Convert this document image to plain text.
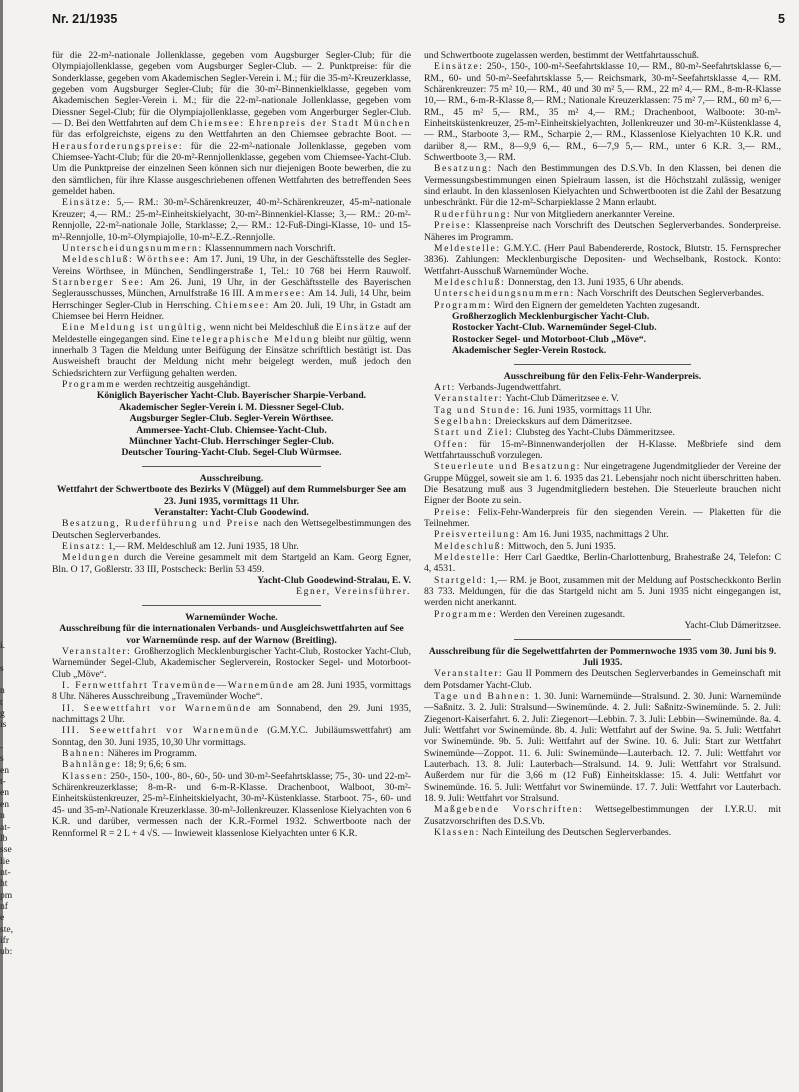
i.

s

n
t
g
is

-
s
en
t-
en
en
n
at-
lb
sse
lie
nt-
ht
pm
nf
e
ste,
ifr
ub:
Nr. 21/1935	5

für die 22-m²-nationale Jollenklasse, gegeben vom Augsburger Segler-Club; für die Olympiajollenklasse, gegeben vom Augsburger Segler-Club. — 2. Punktpreise: für die Sonderklasse, gegeben vom Akademischen Segler-Verein i. M.; für die 35-m²-Kreuzerklasse, gegeben vom Augsburger Segler-Club; für die 30-m²-Binnenkielklasse, gegeben vom Akademischen Segler-Verein i. M.; für die 22-m²-nationale Jollenklasse, gegeben vom Diessner Segel-Club; für die Olympiajollenklasse, gegeben vom Angerburger Segler-Club. — D. Bei den Wettfahrten auf dem Chiemsee: Ehrenpreis der Stadt München für das erfolgreichste, eigens zu den Wettfahrten an den Chiemsee gebrachte Boot. — Herausforderungspreise: für die 22-m²-nationale Jollenklasse, gegeben vom Chiemsee-Yacht-Club; für die 20-m²-Rennjollenklasse, gegeben vom Chiemsee-Yacht-Club. Um die Punktpreise der einzelnen Seen können sich nur diejenigen Boote bewerben, die zu den sämtlichen, für ihre Klasse ausgeschriebenen offenen Wettfahrten des betreffenden Sees gemeldet haben.

Einsätze: 5,— RM.: 30-m²-Schärenkreuzer, 40-m²-Schärenkreuzer, 45-m²-nationale Kreuzer; 4,— RM.: 25-m²-Einheitskielyacht, 30-m²-Binnenkiel-Klasse; 3,— RM.: 20-m²-Rennjolle, 22-m²-nationale Jolle, Starklasse; 2,— RM.: 12-Fuß-Dingi-Klasse, 10- und 15-m²-Rennjolle, 10-m²-Olympiajolle, 10-m²-E.Z.-Rennjolle.

Unterscheidungsnummern: Klassennummern nach Vorschrift.

Meldeschluß: Wörthsee: Am 17. Juni, 19 Uhr, in der Geschäftsstelle des Segler-Vereins Wörthsee, in München, Sendlingerstraße 1, Tel.: 10 768 bei Herrn Rauwolf. Starnberger See: Am 26. Juni, 19 Uhr, in der Geschäftsstelle des Bayerischen Seglerausschusses, München, Arnulfstraße 16 III. Ammersee: Am 14. Juli, 14 Uhr, beim Herrschinger Segler-Club in Herrsching. Chiemsee: Am 20. Juli, 19 Uhr, in Gstadt am Chiemsee bei Herrn Heidner.

Eine Meldung ist ungültig, wenn nicht bei Meldeschluß die Einsätze auf der Meldestelle eingegangen sind. Eine telegraphische Meldung bleibt nur gültig, wenn innerhalb 3 Tagen die Meldung unter Beifügung der Einsätze schriftlich bestätigt ist. Das Ausweisheft braucht der Meldung nicht mehr beigelegt werden, muß jedoch den Schiedsrichtern zur Verfügung gehalten werden.

Programme werden rechtzeitig ausgehändigt.

Königlich Bayerischer Yacht-Club. Bayerischer Sharpie-Verband.
Akademischer Segler-Verein i. M. Diessner Segel-Club.
Augsburger Segler-Club. Segler-Verein Wörthsee.
Ammersee-Yacht-Club. Chiemsee-Yacht-Club.
Münchner Yacht-Club. Herrschinger Segler-Club.
Deutscher Touring-Yacht-Club. Segel-Club Würmsee.
Ausschreibung.
Wettfahrt der Schwertboote des Bezirks V (Müggel) auf dem Rummelsburger See am 23. Juni 1935, vormittags 11 Uhr.
Veranstalter: Yacht-Club Goodewind.

Besatzung, Ruderführung und Preise nach den Wettsegelbestimmungen des Deutschen Seglerverbandes.

Einsatz: 1,— RM. Meldeschluß am 12. Juni 1935, 18 Uhr.

Meldungen durch die Vereine gesammelt mit dem Startgeld an Kam. Georg Egner, Bln. O 17, Goßlerstr. 33 III, Postscheck: Berlin 53 459.

Yacht-Club Goodewind-Stralau, E. V.
Egner, Vereinsführer.
Warnemünder Woche.
Ausschreibung für die internationalen Verbands- und Ausgleichswettfahrten auf See vor Warnemünde resp. auf der Warnow (Breitling).

Veranstalter: Großherzoglich Mecklenburgischer Yacht-Club, Rostocker Yacht-Club, Warnemünder Segel-Club, Akademischer Seglerverein, Rostocker Segel- und Motorboot-Club „Möve“.

I. Fernwettfahrt Travemünde—Warnemünde am 28. Juni 1935, vormittags 8 Uhr. Näheres Ausschreibung „Travemünder Woche“.

II. Seewettfahrt vor Warnemünde am Sonnabend, den 29. Juni 1935, nachmittags 2 Uhr.

III. Seewettfahrt vor Warnemünde (G.M.Y.C. Jubiläumswettfahrt) am Sonntag, den 30. Juni 1935, 10,30 Uhr vormittags.

Bahnen: Näheres im Programm.

Bahnlänge: 18; 9; 6,6; 6 sm.

Klassen: 250-, 150-, 100-, 80-, 60-, 50- und 30-m²-Seefahrtsklasse; 75-, 30- und 22-m²-Schärenkreuzerklasse; 8-m-R- und 6-m-R-Klasse. Drachenboot, Walboot, 30-m²-Einheitsküstenkreuzer, 25-m²-Einheitskielyacht, 30-m²-Küstenklasse. Starboot. 75-, 60- und 45- und 35-m²-Nationale Kreuzerklasse. 30-m²-Jollenkreuzer. Klassenlose Kielyachten von 6 K.R. und darüber, vermessen nach der K.R.-Formel 1932. Schwertboote nach der Rennformel R = 2 L + 4 √S. — Inwieweit klassenlose Kielyachten unter 6 K.R.

und Schwertboote zugelassen werden, bestimmt der Wettfahrtausschuß.

Einsätze: 250-, 150-, 100-m²-Seefahrtsklasse 10,— RM., 80-m²-Seefahrtsklasse 6,— RM., 60- und 50-m²-Seefahrtsklasse 5,— Reichsmark, 30-m²-Seefahrtsklasse 4,— RM. Schärenkreuzer: 75 m² 10,— RM., 40 und 30 m² 5,— RM., 22 m² 4,— RM., 8-m-R-Klasse 10,— RM., 6-m-R-Klasse 8,— RM.; Nationale Kreuzerklassen: 75 m² 7,— RM., 60 m² 6,— RM., 45 m² 5,— RM., 35 m² 4,— RM.; Drachenboot, Walboote: 30-m²-Einheitsküstenkreuzer, 25-m²-Einheitskielyachten, Jollenkreuzer und 30-m²-Küstenklasse 4,— RM., Starboote 3,— RM., Scharpie 2,— RM., Klassenlose Kielyachten 10 K.R. und darüber 8,— RM., 8—9,9 6,— RM., 6—7,9 5,— RM., unter 6 K.R. 3,— RM., Schwertboote 3,— RM.

Besatzung: Nach den Bestimmungen des D.S.Vb. In den Klassen, bei denen die Vermessungsbestimmungen einen Spielraum lassen, ist die Höchstzahl zulässig, weniger sind erlaubt. In den klassenlosen Kielyachten und Schwertbooten ist die Zahl der Besatzung unbeschränkt. Für die 12-m²-Scharpieklasse 2 Mann erlaubt.

Ruderführung: Nur von Mitgliedern anerkannter Vereine.

Preise: Klassenpreise nach Vorschrift des Deutschen Seglerverbandes. Sonderpreise. Näheres im Programm.

Meldestelle: G.M.Y.C. (Herr Paul Babendererde, Rostock, Blutstr. 15. Fernsprecher 3836). Zahlungen: Mecklenburgische Depositen- und Wechselbank, Rostock. Konto: Wettfahrt-Ausschuß Warnemünder Woche.

Meldeschluß: Donnerstag, den 13. Juni 1935, 6 Uhr abends.

Unterscheidungsnummern: Nach Vorschrift des Deutschen Seglerverbandes.

Programm: Wird den Eignern der gemeldeten Yachten zugesandt.

Großherzoglich Mecklenburgischer Yacht-Club.
Rostocker Yacht-Club. Warnemünder Segel-Club.
Rostocker Segel- und Motorboot-Club „Möve“.
Akademischer Segler-Verein Rostock.
Ausschreibung für den Felix-Fehr-Wanderpreis.

Art: Verbands-Jugendwettfahrt.

Veranstalter: Yacht-Club Dämeritzsee e. V.

Tag und Stunde: 16. Juni 1935, vormittags 11 Uhr.

Segelbahn: Dreieckskurs auf dem Dämeritzsee.

Start und Ziel: Clubsteg des Yacht-Clubs Dämmeritzsee.

Offen: für 15-m²-Binnenwanderjollen der H-Klasse. Meßbriefe sind dem Wettfahrtausschuß vorzulegen.

Steuerleute und Besatzung: Nur eingetragene Jugendmitglieder der Vereine der Gruppe Müggel, soweit sie am 1. 6. 1935 das 21. Lebensjahr noch nicht überschritten haben. Die Besatzung muß aus 3 Jugendmitgliedern bestehen. Die Steuerleute brauchen nicht Eigner der Boote zu sein.

Preise: Felix-Fehr-Wanderpreis für den siegenden Verein. — Plaketten für die Teilnehmer.

Preisverteilung: Am 16. Juni 1935, nachmittags 2 Uhr.

Meldeschluß: Mittwoch, den 5. Juni 1935.

Meldestelle: Herr Carl Gaedtke, Berlin-Charlottenburg, Brahestraße 24, Telefon: C 4, 4531.

Startgeld: 1,— RM. je Boot, zusammen mit der Meldung auf Postscheckkonto Berlin 83 733. Meldungen, für die das Startgeld nicht am 5. Juni 1935 nicht eingegangen ist, werden nicht anerkannt.

Programme: Werden den Vereinen zugesandt.

Yacht-Club Dämeritzsee.
Ausschreibung für die Segelwettfahrten der Pommernwoche 1935 vom 30. Juni bis 9. Juli 1935.

Veranstalter: Gau II Pommern des Deutschen Seglerverbandes in Gemeinschaft mit dem Potsdamer Yacht-Club.

Tage und Bahnen: 1. 30. Juni: Warnemünde—Stralsund. 2. 30. Juni: Warnemünde—Saßnitz. 3. 2. Juli: Stralsund—Swinemünde. 4. 2. Juli: Saßnitz-Swinemünde. 5. 2. Juli: Ziegenort-Kaiserfahrt. 6. 2. Juli: Ziegenort—Lebbin. 7. 3. Juli: Lebbin—Swinemünde. 8a. 4. Juli: Wettfahrt vor Swinemünde. 8b. 4. Juli: Wettfahrt auf der Swine. 9a. 5. Juli: Wettfahrt vor Swinemünde. 9b. 5. Juli: Wettfahrt auf der Swine. 10. 6. Juli: Start zur Wettfahrt Swinemünde—Zoppot. 11. 6. Juli: Swinemünde—Lauterbach. 12. 7. Juli: Wettfahrt vor Lauterbach. 13. 8. Juli: Lauterbach—Stralsund. 14. 9. Juli: Wettfahrt vor Stralsund. Außerdem nur für die 3,66 m (12 Fuß) Einheitsklasse: 15. 4. Juli: Wettfahrt vor Swinemünde. 16. 5. Juli: Wettfahrt vor Swinemünde. 17. 7. Juli: Wettfahrt vor Lauterbach. 18. 9. Juli: Wettfahrt vor Stralsund.

Maßgebende Vorschriften: Wettsegelbestimmungen der I.Y.R.U. mit Zusatzvorschriften des D.S.Vb.

Klassen: Nach Einteilung des Deutschen Seglerverbandes.
